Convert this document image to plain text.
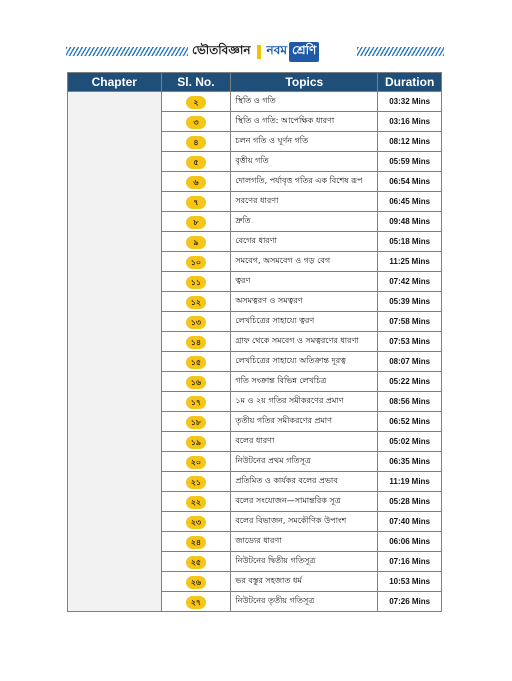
ভৌতবিজ্ঞান নবম শ্রেণি
Chapter	Sl. No.	Topics	Duration
	২	স্থিতি ও গতি	03:32 Mins
	৩	স্থিতি ও গতি: আপেক্ষিক ধারণা	03:16 Mins
	৪	চলন গতি ও ঘূর্ণন গতি	08:12 Mins
	৫	বৃত্তীয় গতি	05:59 Mins
	৬	দোলগতি, পর্যাবৃত্ত গতির এক বিশেষ রূপ	06:54 Mins
	৭	সরণের ধারণা	06:45 Mins
	৮	দ্রুতি	09:48 Mins
	৯	বেগের ধারণা	05:18 Mins
	১০	সমবেগ, অসমবেগ ও গড় বেগ	11:25 Mins
	১১	ত্বরণ	07:42 Mins
	১২	অসমত্বরণ ও সমত্বরণ	05:39 Mins
	১৩	লেখচিত্রের সাহায্যে ত্বরণ	07:58 Mins
	১৪	গ্রাফ থেকে সমবেগ ও সমত্বরণের ধারণা	07:53 Mins
	১৫	লেখচিত্রের সাহায্যে অতিক্রান্ত দূরত্ব	08:07 Mins
	১৬	গতি সংক্রান্ত বিভিন্ন লেখচিত্র	05:22 Mins
	১৭	১ম ও ২য় গতির সমীকরণের প্রমাণ	08:56 Mins
	১৮	তৃতীয় গতির সমীকরণের প্রমাণ	06:52 Mins
	১৯	বলের ধারণা	05:02 Mins
	২০	নিউটনের প্রথম গতিসূত্র	06:35 Mins
	২১	প্রতিমিত ও কার্যকর বলের প্রভাব	11:19 Mins
	২২	বলের সংযোজন—সামান্তরিক সূত্র	05:28 Mins
	২৩	বলের বিভাজন, সমকৌণিক উপাংশ	07:40 Mins
	২৪	জাড্যের ধারণা	06:06 Mins
	২৫	নিউটনের দ্বিতীয় গতিসূত্র	07:16 Mins
	২৬	ভর বস্তুর সহজাত ধর্ম	10:53 Mins
	২৭	নিউটনের তৃতীয় গতিসূত্র	07:26 Mins
